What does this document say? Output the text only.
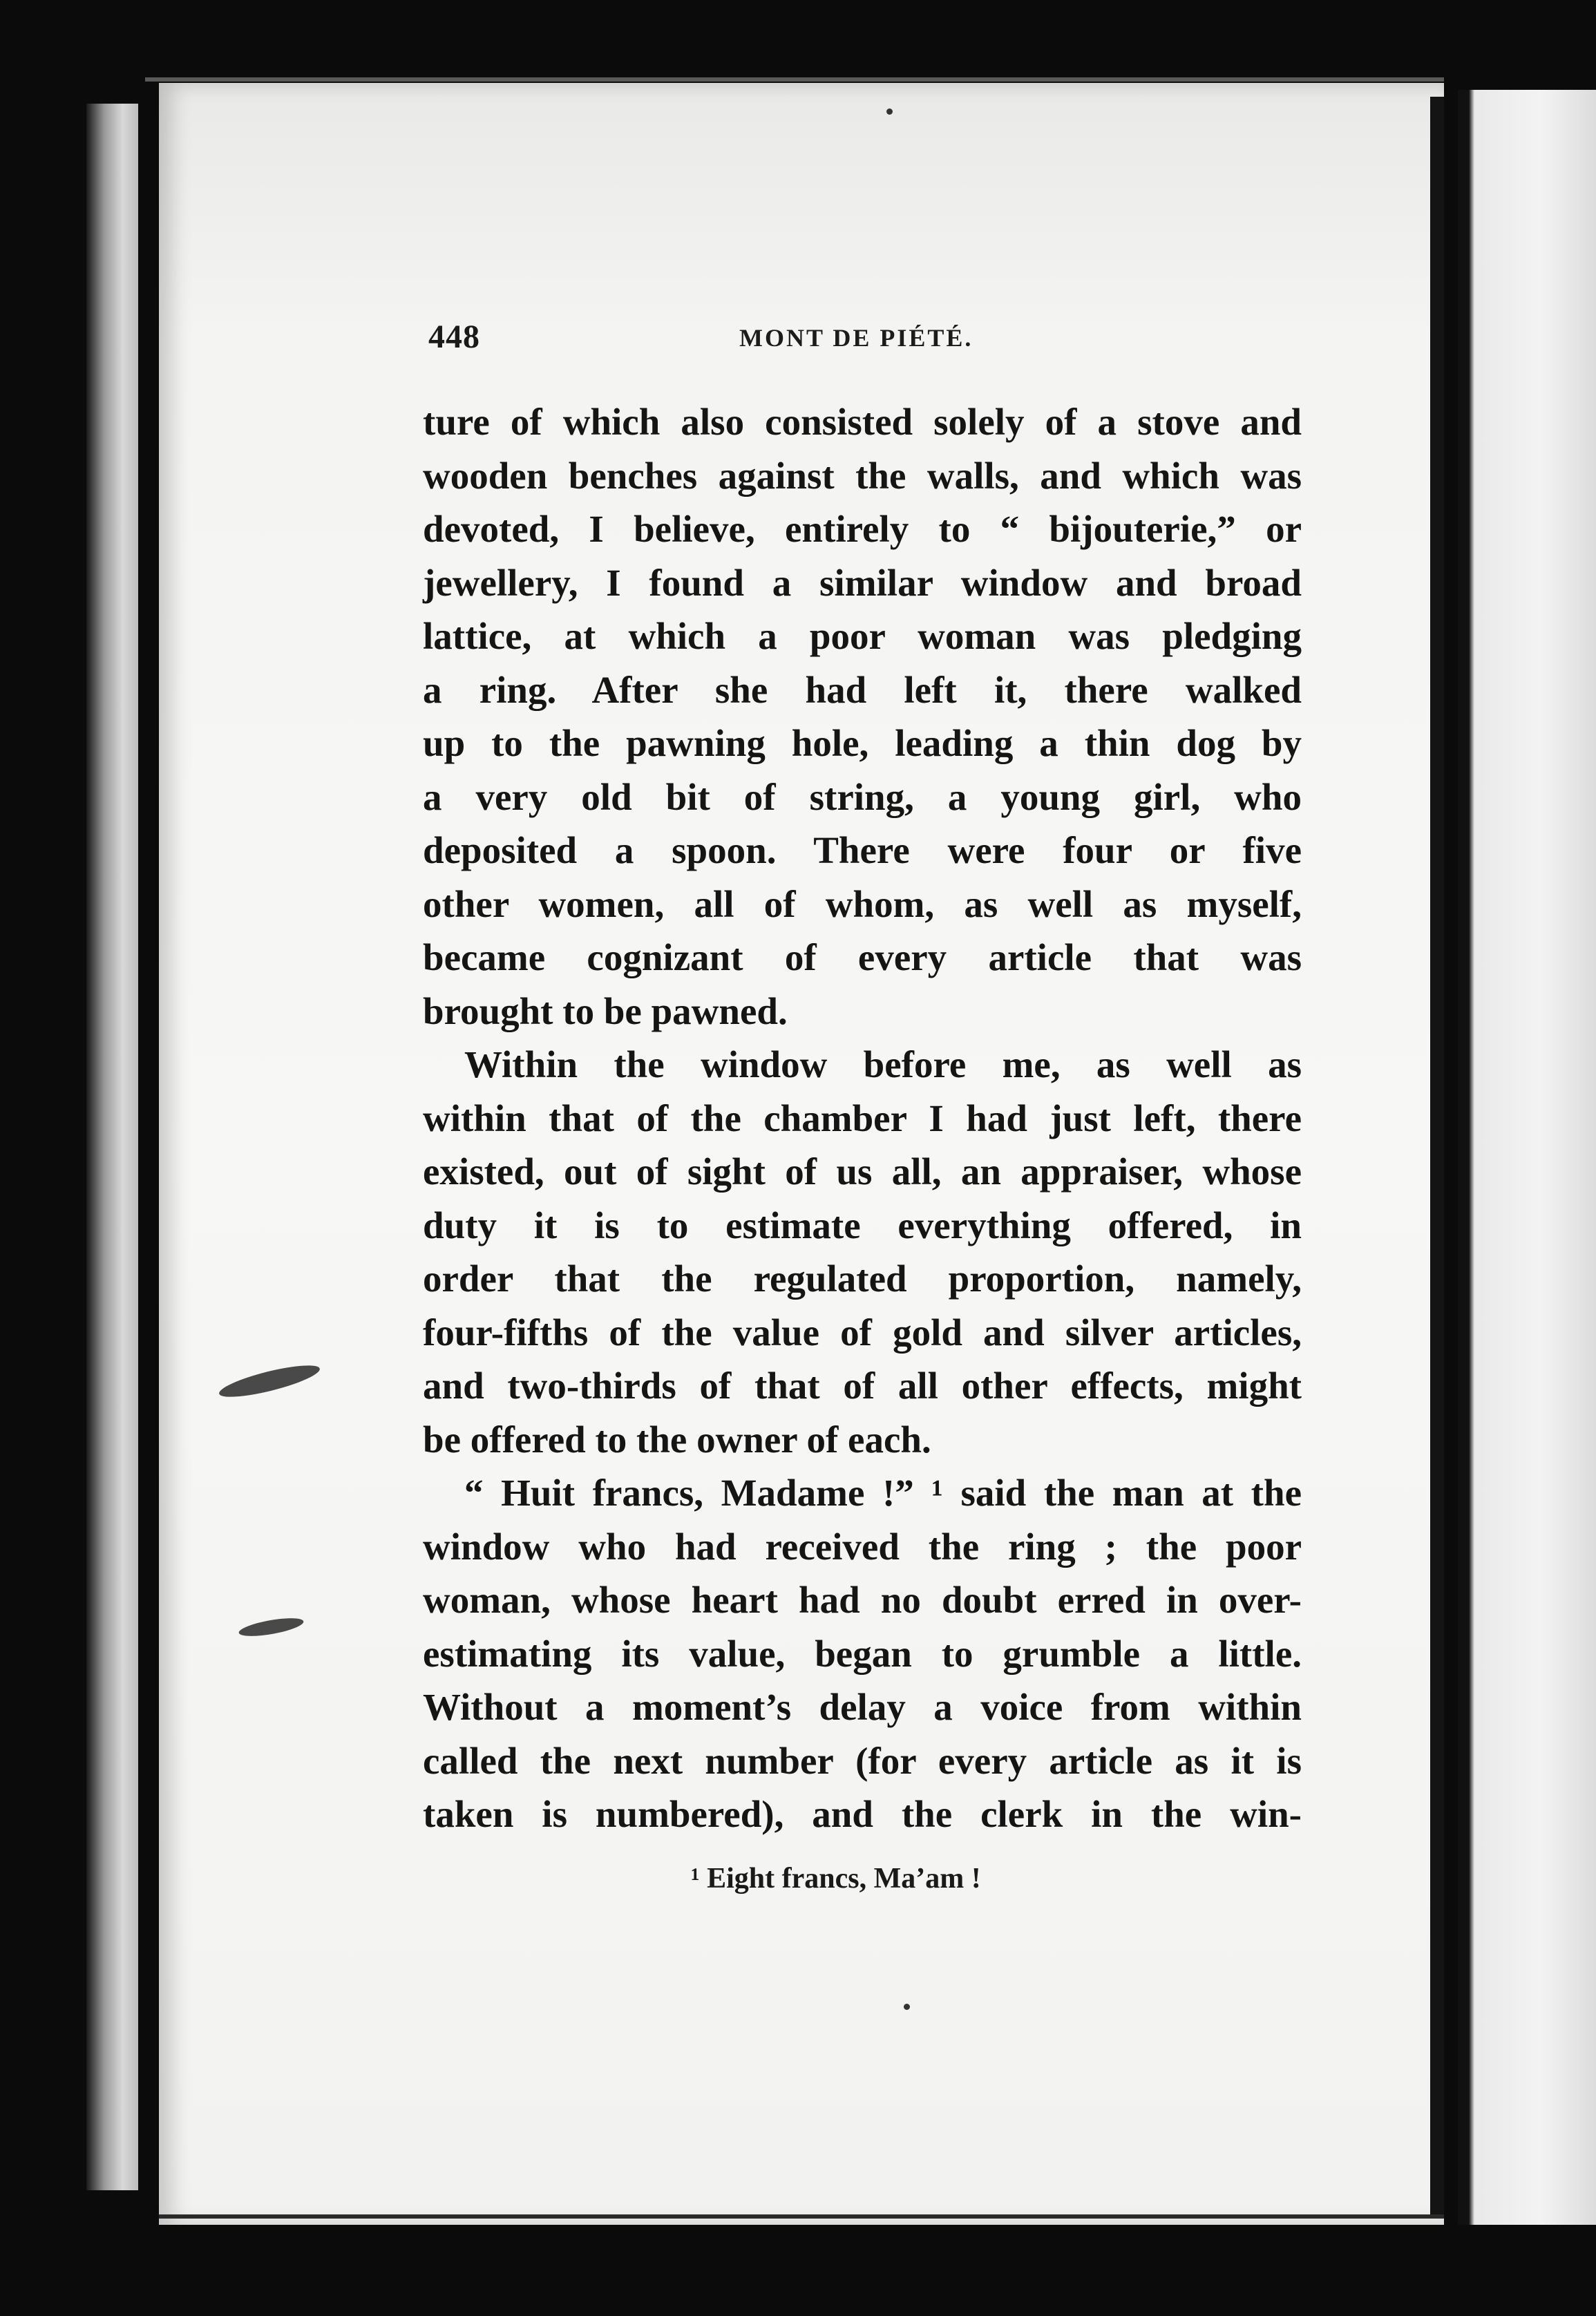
448	MONT DE PIÉTÉ.
ture of which also consisted solely of a stove and
wooden benches against the walls, and which was
devoted, I believe, entirely to “ bijouterie,” or
jewellery, I found a similar window and broad
lattice, at which a poor woman was pledging
a ring. After she had left it, there walked
up to the pawning hole, leading a thin dog by
a very old bit of string, a young girl, who
deposited a spoon. There were four or five
other women, all of whom, as well as myself,
became cognizant of every article that was
brought to be pawned.
Within the window before me, as well as
within that of the chamber I had just left, there
existed, out of sight of us all, an appraiser, whose
duty it is to estimate everything offered, in
order that the regulated proportion, namely,
four-fifths of the value of gold and silver articles,
and two-thirds of that of all other effects, might
be offered to the owner of each.
“ Huit francs, Madame !” ¹ said the man at the
window who had received the ring ; the poor
woman, whose heart had no doubt erred in over-
estimating its value, began to grumble a little.
Without a moment’s delay a voice from within
called the next number (for every article as it is
taken is numbered), and the clerk in the win-
¹ Eight francs, Ma’am !
